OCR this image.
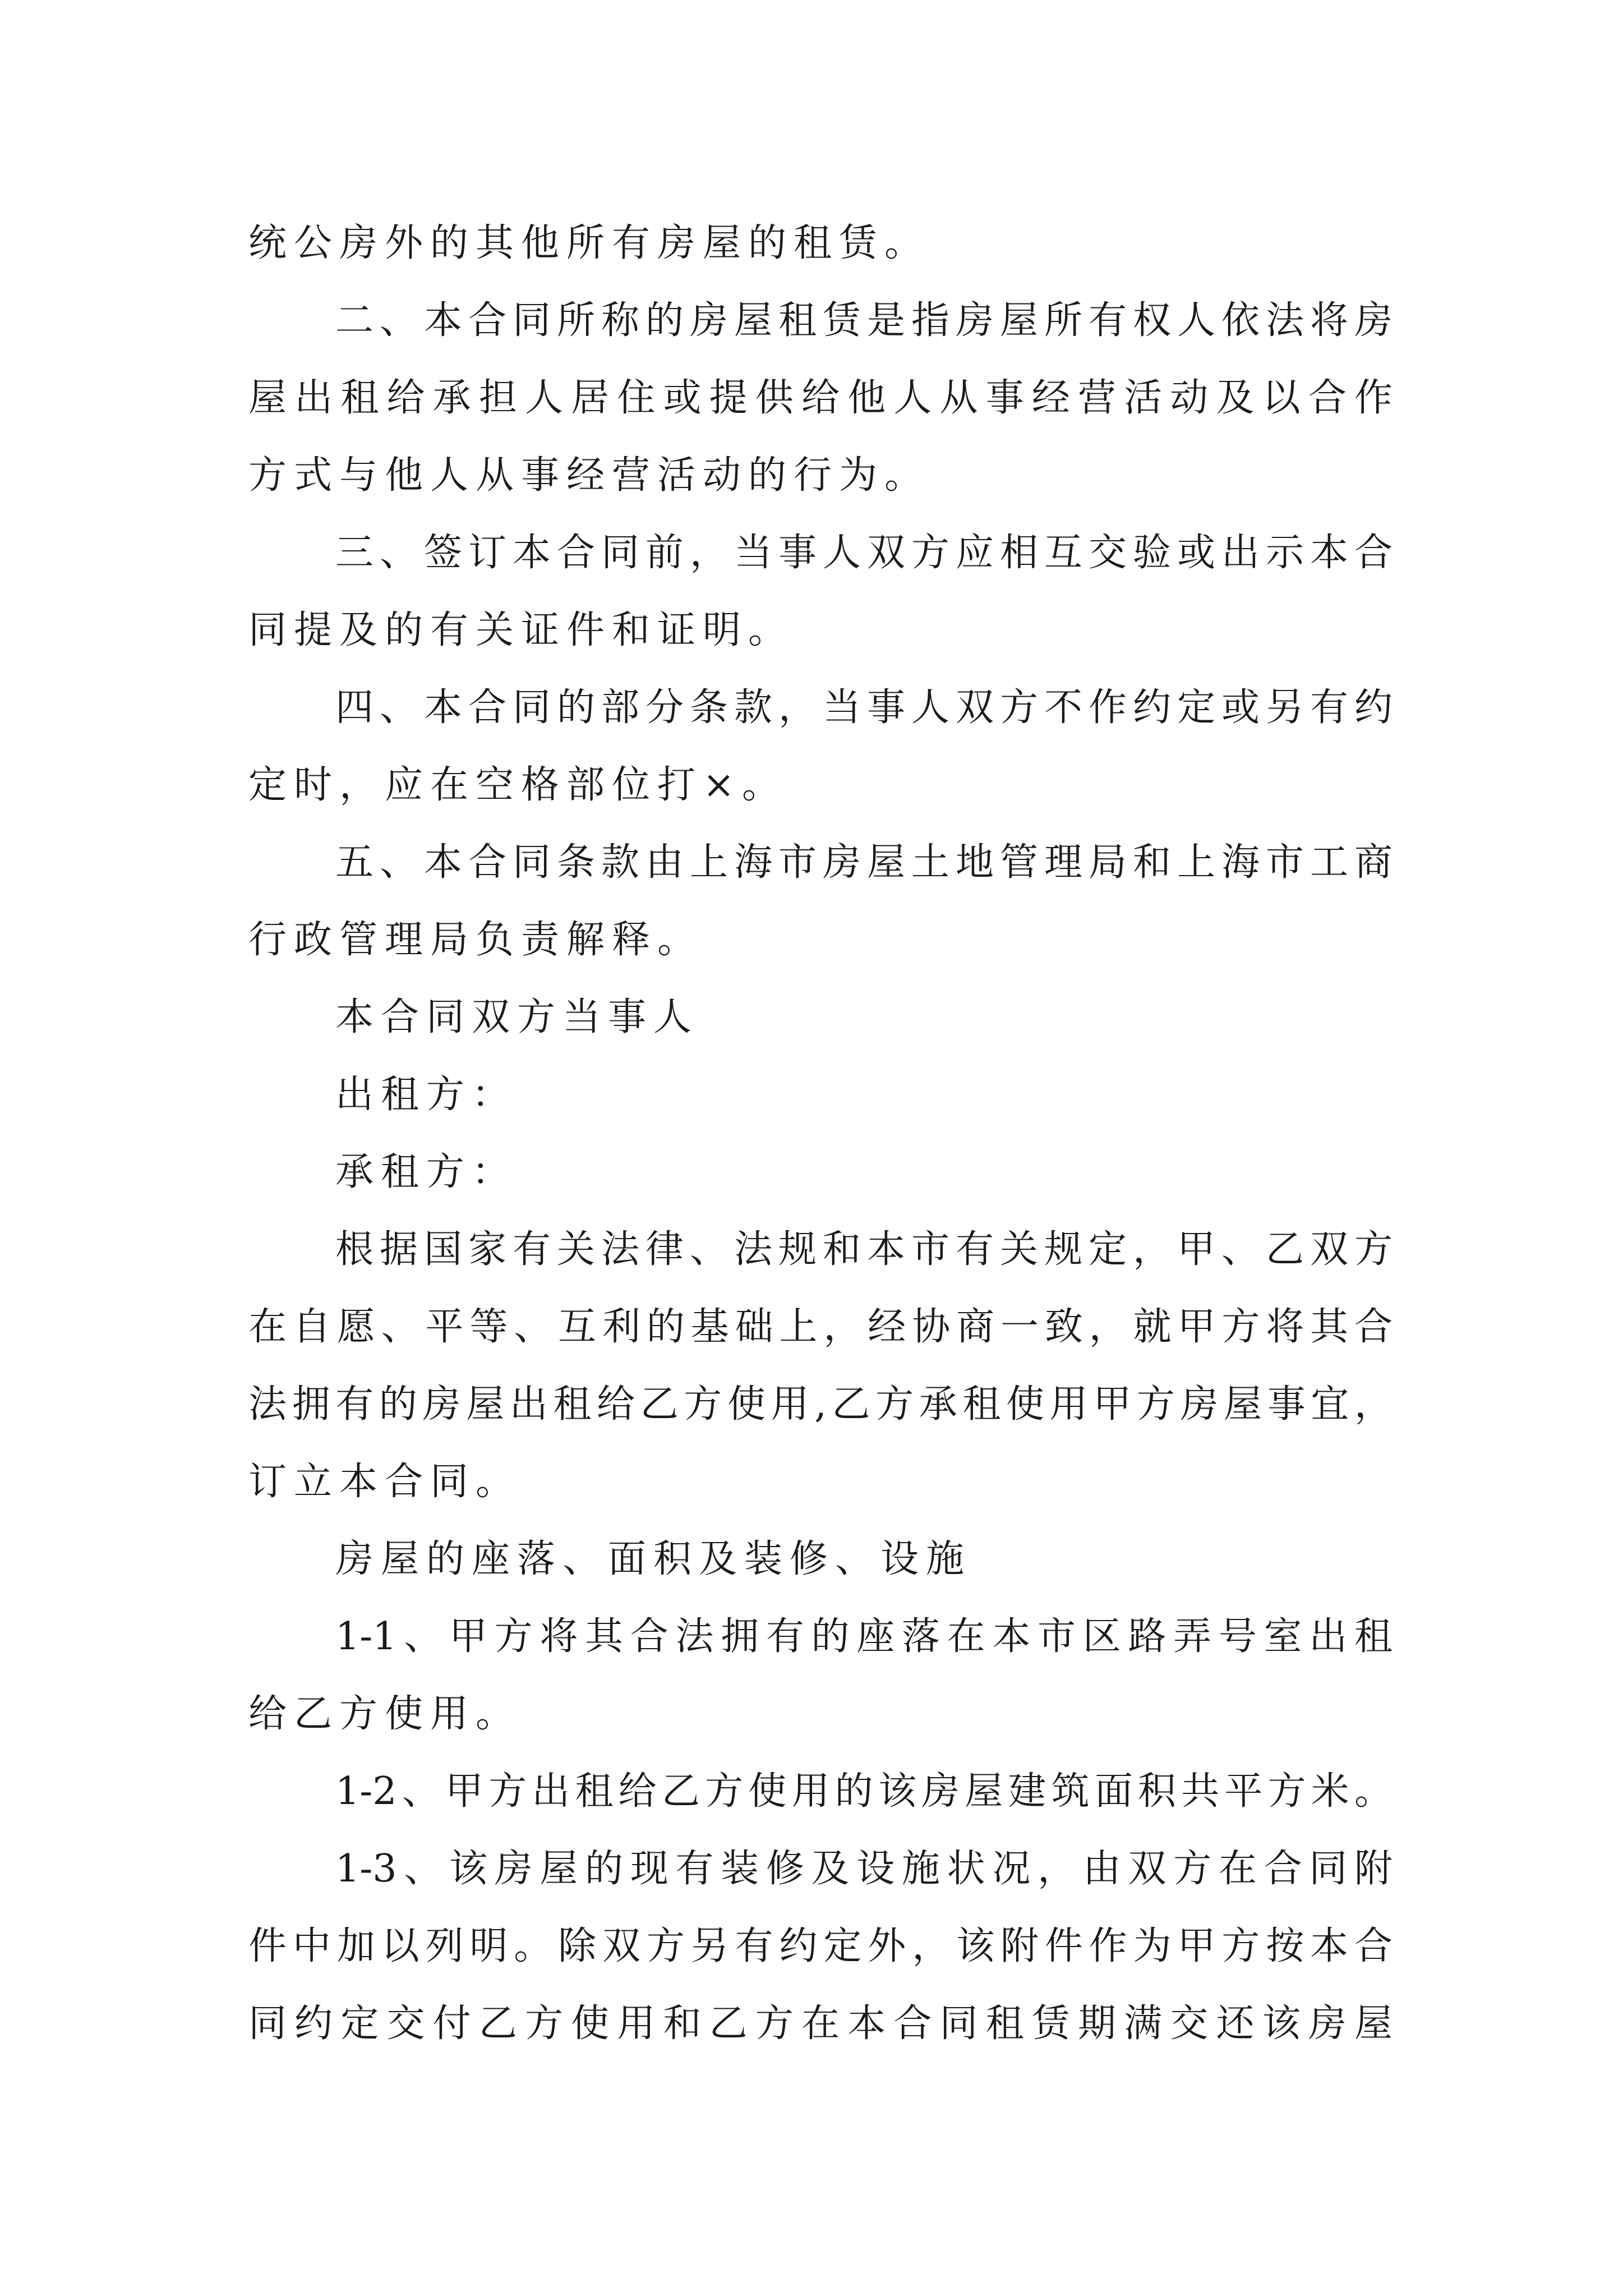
统公房外的其他所有房屋的租赁。
二、本合同所称的房屋租赁是指房屋所有权人依法将房
屋出租给承担人居住或提供给他人从事经营活动及以合作
方式与他人从事经营活动的行为。
三、签订本合同前，当事人双方应相互交验或出示本合
同提及的有关证件和证明。
四、本合同的部分条款，当事人双方不作约定或另有约
定时，应在空格部位打×。
五、本合同条款由上海市房屋土地管理局和上海市工商
行政管理局负责解释。
本合同双方当事人
出租方：
承租方：
根据国家有关法律、法规和本市有关规定，甲、乙双方
在自愿、平等、互利的基础上，经协商一致，就甲方将其合
法拥有的房屋出租给乙方使用,乙方承租使用甲方房屋事宜，
订立本合同。
房屋的座落、面积及装修、设施
1-1、甲方将其合法拥有的座落在本市区路弄号室出租
给乙方使用。
1-2、甲方出租给乙方使用的该房屋建筑面积共平方米。
1-3、该房屋的现有装修及设施状况，由双方在合同附
件中加以列明。除双方另有约定外，该附件作为甲方按本合
同约定交付乙方使用和乙方在本合同租赁期满交还该房屋
